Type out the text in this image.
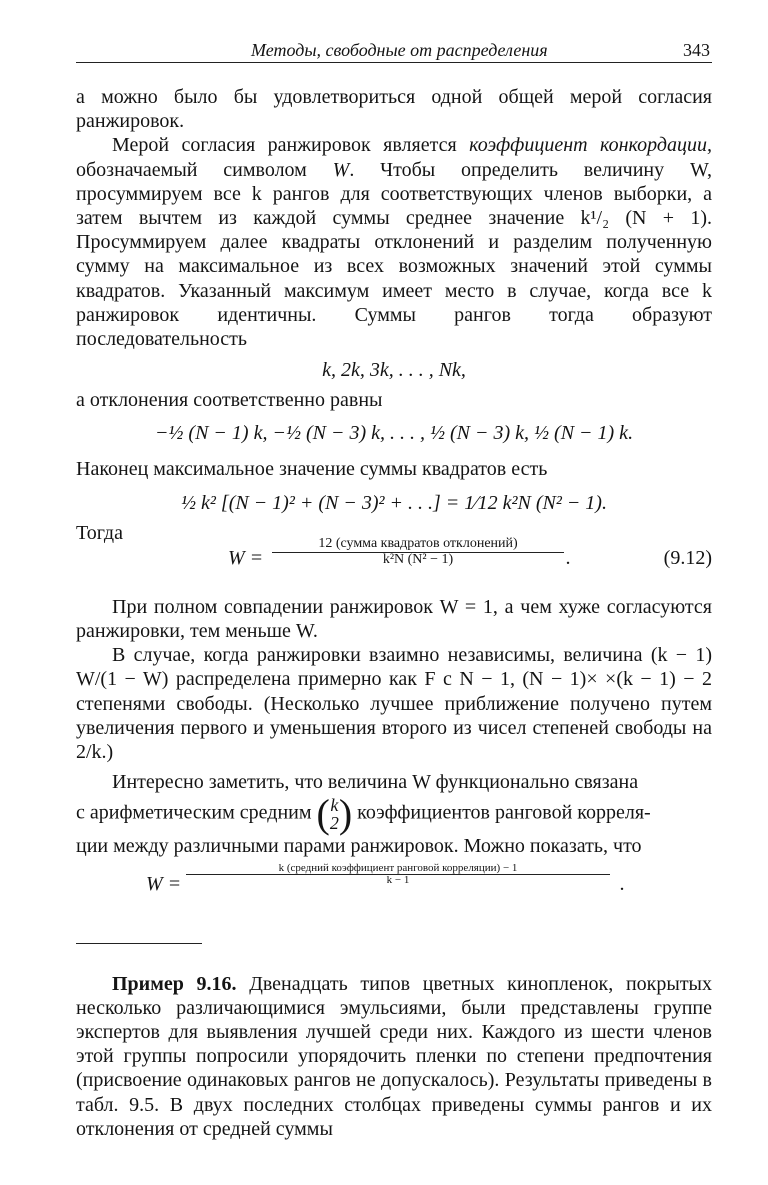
Методы, свободные от распределения	343

а можно было бы удовлетвориться одной общей мерой согласия ранжировок.

Мерой согласия ранжировок является коэффициент конкордации, обозначаемый символом W. Чтобы определить величину W, просуммируем все k рангов для соответствующих членов выборки, а затем вычтем из каждой суммы среднее значение k¹/₂ (N + 1). Просуммируем далее квадраты отклонений и разделим полученную сумму на максимальное из всех возможных значений этой суммы квадратов. Указанный максимум имеет место в случае, когда все k ранжировок идентичны. Суммы рангов тогда образуют последовательность

k, 2k, 3k, . . . , Nk,

а отклонения соответственно равны

−½ (N − 1) k, −½ (N − 3) k, . . . , ½ (N − 3) k, ½ (N − 1) k.

Наконец максимальное значение суммы квадратов есть

½ k² [(N − 1)² + (N − 3)² + . . .] = 1⁄12 k²N (N² − 1).

Тогда

W =
12 (сумма квадратов отклонений)
k²N (N² − 1)	.	(9.12)

При полном совпадении ранжировок W = 1, а чем хуже согласуются ранжировки, тем меньше W.

В случае, когда ранжировки взаимно независимы, величина (k − 1) W/(1 − W) распределена примерно как F с N − 1, (N − 1)× ×(k − 1) − 2 степенями свободы. (Несколько лучшее приближение получено путем увеличения первого и уменьшения второго из чисел степеней свободы на 2/k.)

Интересно заметить, что величина W функционально связана

с арифметическим средним ( k
2 ) коэффициентов ранговой корреля-

ции между различными парами ранжировок. Можно показать, что

W =
k (средний коэффициент ранговой корреляции) − 1
k − 1	.

Пример 9.16. Двенадцать типов цветных кинопленок, покрытых несколько различающимися эмульсиями, были представлены группе экспертов для выявления лучшей среди них. Каждого из шести членов этой группы попросили упорядочить пленки по степени предпочтения (присвоение одинаковых рангов не допускалось). Результаты приведены в табл. 9.5. В двух последних столбцах приведены суммы рангов и их отклонения от средней суммы
